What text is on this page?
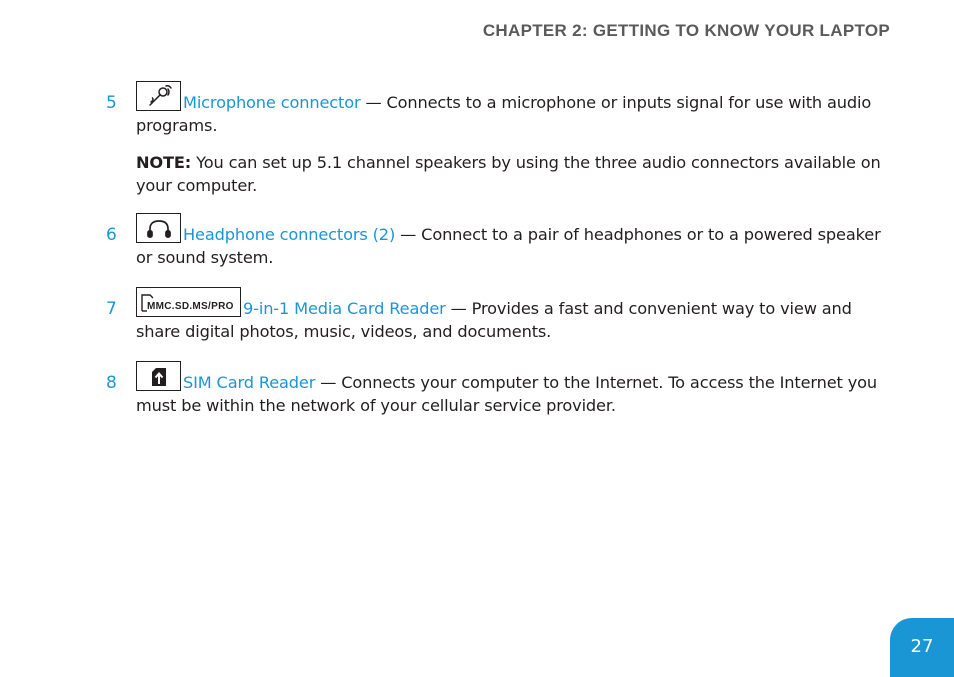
CHAPTER 2: GETTING TO KNOW YOUR LAPTOP
5	Microphone connector — Connects to a microphone or inputs signal for use with audio programs.
NOTE: You can set up 5.1 channel speakers by using the three audio connectors available on your computer.
6	Headphone connectors (2) — Connect to a pair of headphones or to a powered speaker or sound system.
7	MMC.SD.MS/PRO 9-in-1 Media Card Reader — Provides a fast and convenient way to view and share digital photos, music, videos, and documents.
8	SIM Card Reader — Connects your computer to the Internet. To access the Internet you must be within the network of your cellular service provider.
27
